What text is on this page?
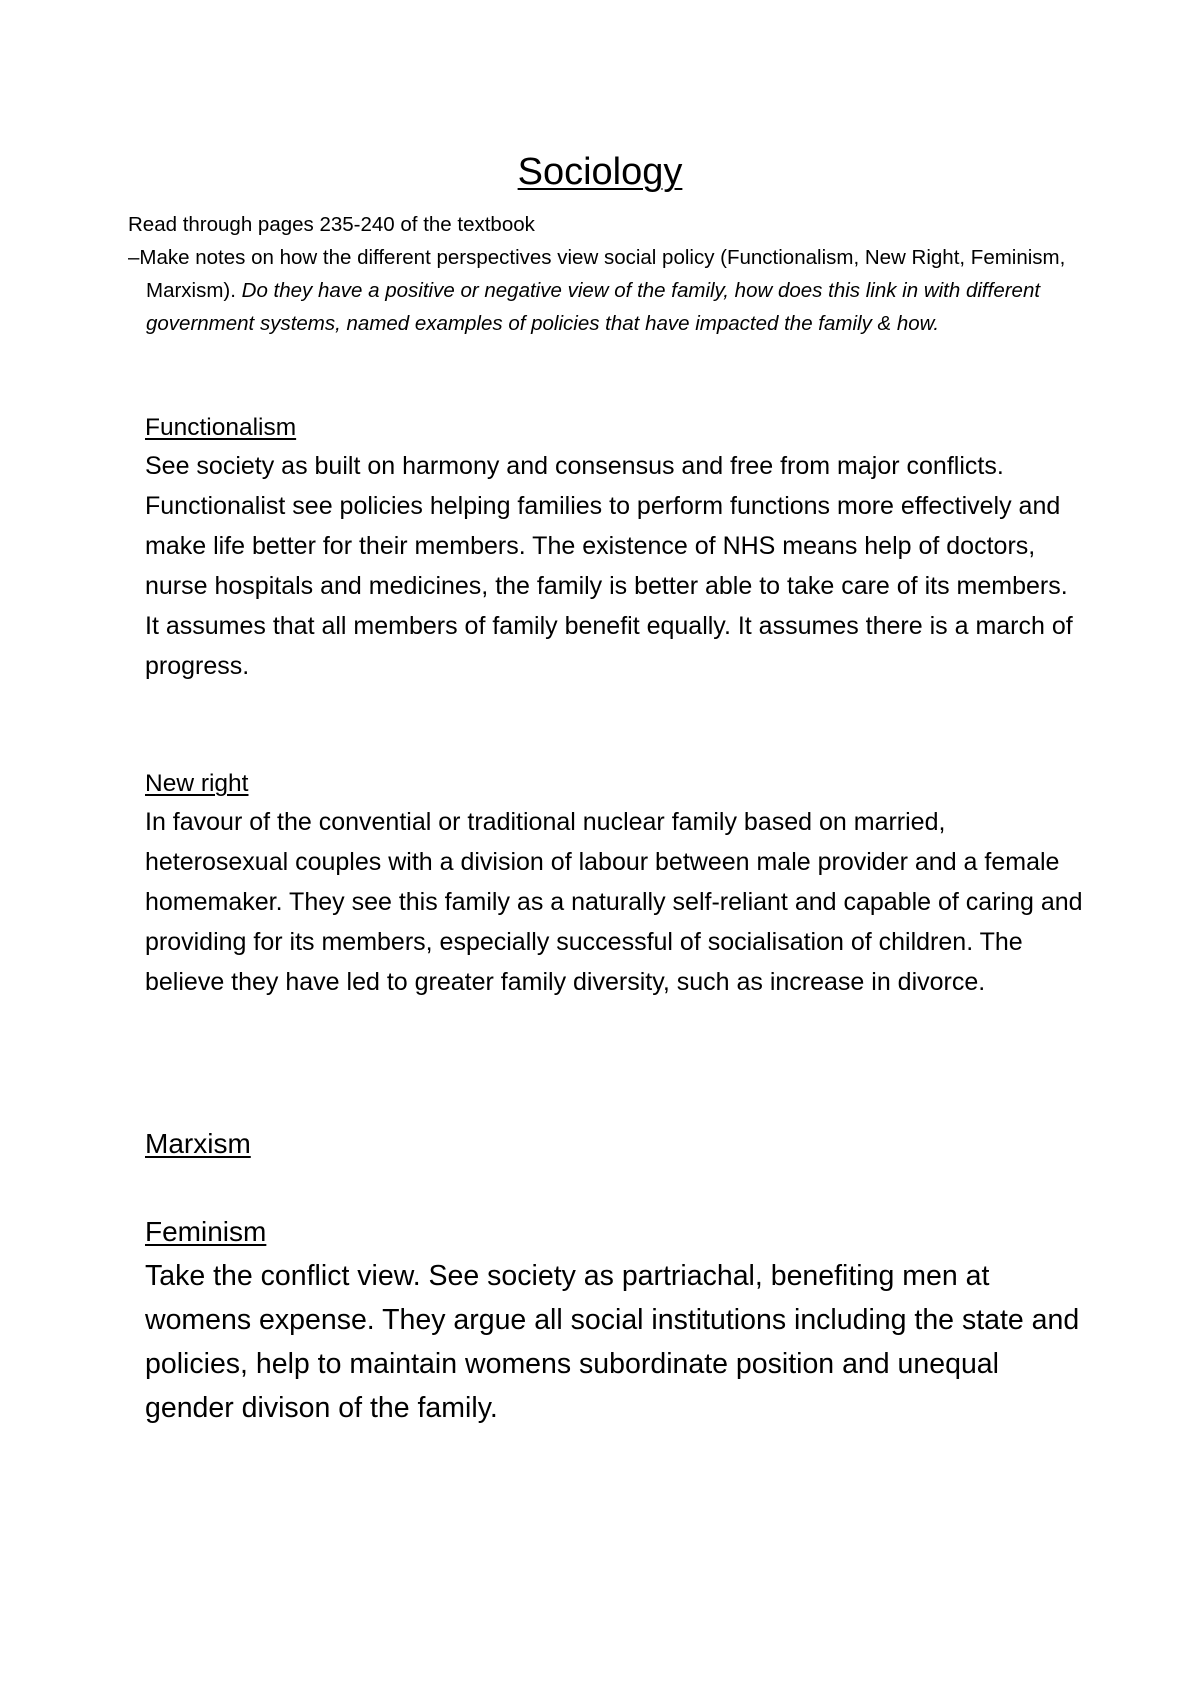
Sociology
Read through pages 235-240 of the textbook
–Make notes on how the different perspectives view social policy (Functionalism, New Right, Feminism, Marxism). Do they have a positive or negative view of the family, how does this link in with different government systems, named examples of policies that have impacted the family & how.
Functionalism
See society as built on harmony and consensus and free from major conflicts. Functionalist see policies helping families to perform functions more effectively and make life better for their members. The existence of NHS means help of doctors, nurse hospitals and medicines, the family is better able to take care of its members. It assumes that all members of family benefit equally. It assumes there is a march of progress.
New right
In favour of the convential or traditional nuclear family based on married, heterosexual couples with a division of labour between male provider and a female homemaker. They see this family as a naturally self-reliant and capable of caring and providing for its members, especially successful of socialisation of children. The believe they have led to greater family diversity, such as increase in divorce.
Marxism
Feminism
Take the conflict view. See society as partriachal, benefiting men at womens expense. They argue all social institutions including the state and policies, help to maintain womens subordinate position and unequal gender divison of the family.
